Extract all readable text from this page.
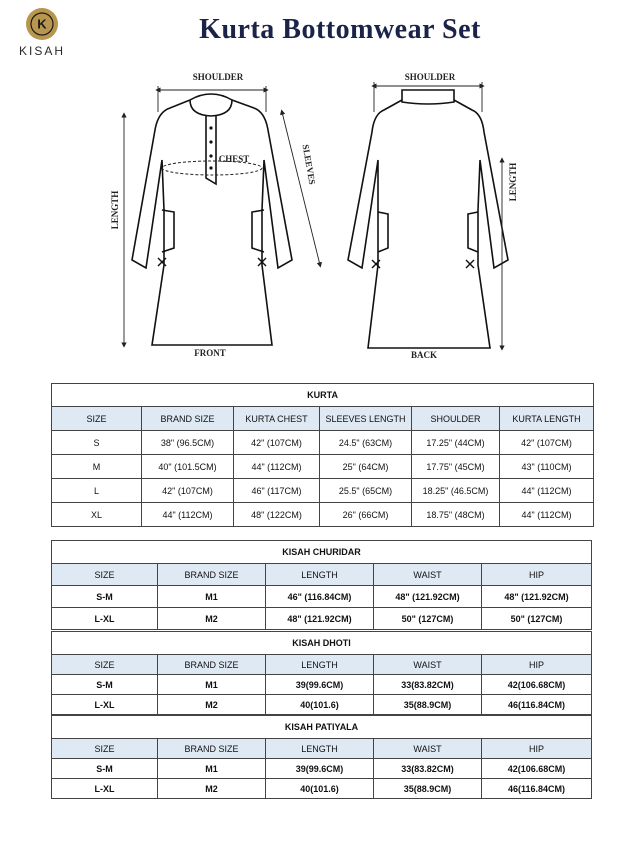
K
KISAH
Kurta Bottomwear Set
SHOULDER
CHEST
LENGTH
SLEEVES
FRONT
SHOULDER
LENGTH
BACK
KURTA					
SIZE	BRAND SIZE	KURTA CHEST	SLEEVES LENGTH	SHOULDER	KURTA LENGTH
S	38" (96.5CM)	42" (107CM)	24.5" (63CM)	17.25" (44CM)	42" (107CM)
M	40" (101.5CM)	44" (112CM)	25" (64CM)	17.75" (45CM)	43" (110CM)
L	42" (107CM)	46" (117CM)	25.5" (65CM)	18.25" (46.5CM)	44" (112CM)
XL	44" (112CM)	48" (122CM)	26" (66CM)	18.75" (48CM)	44" (112CM)
KISAH CHURIDAR				
SIZE	BRAND SIZE	LENGTH	WAIST	HIP
S-M	M1	46" (116.84CM)	48" (121.92CM)	48" (121.92CM)
L-XL	M2	48" (121.92CM)	50" (127CM)	50" (127CM)
KISAH DHOTI				
SIZE	BRAND SIZE	LENGTH	WAIST	HIP
S-M	M1	39(99.6CM)	33(83.82CM)	42(106.68CM)
L-XL	M2	40(101.6)	35(88.9CM)	46(116.84CM)
KISAH PATIYALA				
SIZE	BRAND SIZE	LENGTH	WAIST	HIP
S-M	M1	39(99.6CM)	33(83.82CM)	42(106.68CM)
L-XL	M2	40(101.6)	35(88.9CM)	46(116.84CM)
